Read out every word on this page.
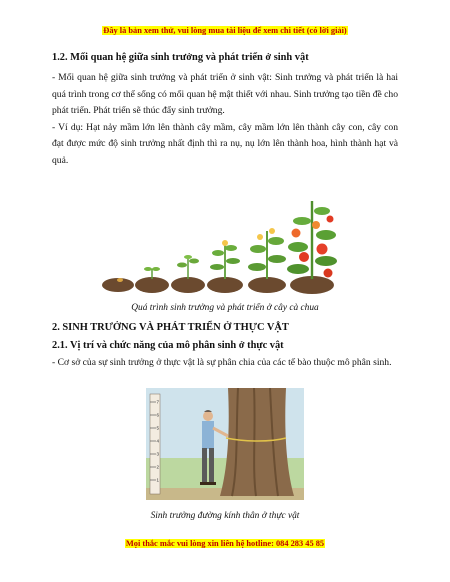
Đây là bản xem thử, vui lòng mua tài liệu để xem chi tiết (có lời giải)
1.2. Mối quan hệ giữa sinh trưởng và phát triển ở sinh vật

- Mối quan hệ giữa sinh trưởng và phát triển ở sinh vật: Sinh trưởng và phát triển là hai quá trình trong cơ thể sống có mối quan hệ mật thiết với nhau. Sinh trưởng tạo tiền đề cho phát triển. Phát triển sẽ thúc đẩy sinh trưởng.

- Ví dụ: Hạt nảy mầm lớn lên thành cây mầm, cây mầm lớn lên thành cây con, cây con đạt được mức độ sinh trưởng nhất định thì ra nụ, nụ lớn lên thành hoa, hình thành hạt và quả.

Quá trình sinh trưởng và phát triển ở cây cà chua

2. SINH TRƯỞNG VÀ PHÁT TRIỂN Ở THỰC VẬT
2.1. Vị trí và chức năng của mô phân sinh ở thực vật

- Cơ sở của sự sinh trưởng ở thực vật là sự phân chia của các tế bào thuộc mô phân sinh.

7
6
5
4
3
2
1

Sinh trưởng đường kính thân ở thực vật

Mọi thắc mắc vui lòng xin liên hệ hotline: 084 283 45 85
